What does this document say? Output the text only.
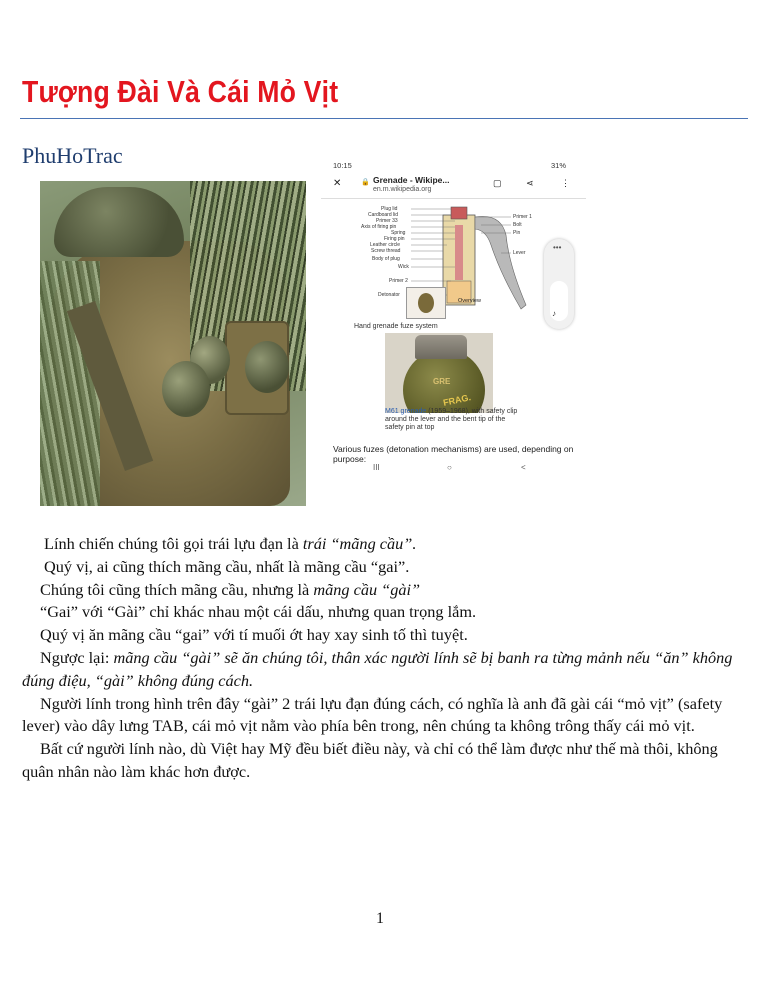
Tượng Đài Và Cái Mỏ Vịt
PhuHoTrac	10:15	31%
✕	🔒 Grenade - Wikipe...
en.m.wikipedia.org
▢	⋖	⋮
Plug lid
Cardboard lid
Primer 33
Axis of firing pin
Spring
Firing pin
Leather circle
Screw thread
Body of plug
Wick
Primer 2
Detonator
Primer 1
Bolt
Pin
Lever
Overview
Hand grenade fuze system
GRE
FRAG.
M61 grenade (1959–1968), with safety clip around the lever and the bent tip of the safety pin at top
Various fuzes (detonation mechanisms) are used, depending on purpose:
•••
♪
III	○	<

Lính chiến chúng tôi gọi trái lựu đạn là trái “mãng cầu”.

Quý vị, ai cũng thích mãng cầu, nhất là mãng cầu “gai”.

Chúng tôi cũng thích mãng cầu, nhưng là mãng cầu “gài”

“Gai” với “Gài” chỉ khác nhau một cái dấu, nhưng quan trọng lắm.

Quý vị ăn mãng cầu “gai” với tí muối ớt hay xay sinh tố thì tuyệt.

Ngược lại: mãng cầu “gài” sẽ ăn chúng tôi, thân xác người lính sẽ bị banh ra từng mảnh nếu “ăn” không đúng điệu, “gài” không đúng cách.

Người lính trong hình trên đây “gài” 2 trái lựu đạn đúng cách, có nghĩa là anh đã gài cái “mỏ vịt” (safety lever) vào dây lưng TAB, cái mỏ vịt nằm vào phía bên trong, nên chúng ta không trông thấy cái mỏ vịt.

Bất cứ người lính nào, dù Việt hay Mỹ đều biết điều này, và chỉ có thể làm được như thế mà thôi, không quân nhân nào làm khác hơn được.

1
